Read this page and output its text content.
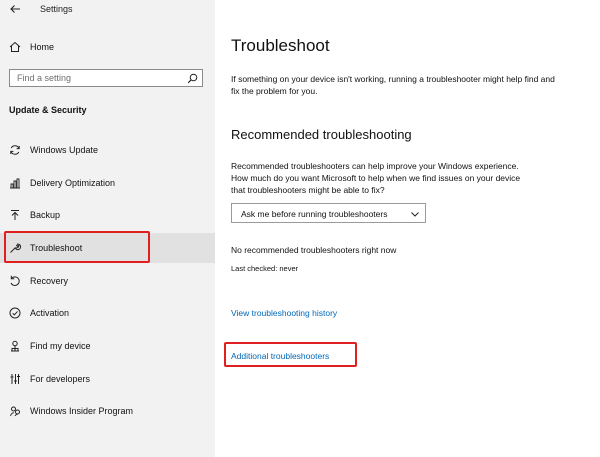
Settings
Home
Find a setting
Update & Security
Windows Update
Delivery Optimization
Backup
Troubleshoot
Recovery
Activation
Find my device
For developers
Windows Insider Program
Troubleshoot
If something on your device isn't working, running a troubleshooter might help find and fix the problem for you.
Recommended troubleshooting
Recommended troubleshooters can help improve your Windows experience. How much do you want Microsoft to help when we find issues on your device that troubleshooters might be able to fix?
Ask me before running troubleshooters
No recommended troubleshooters right now
Last checked: never
View troubleshooting history
Additional troubleshooters
